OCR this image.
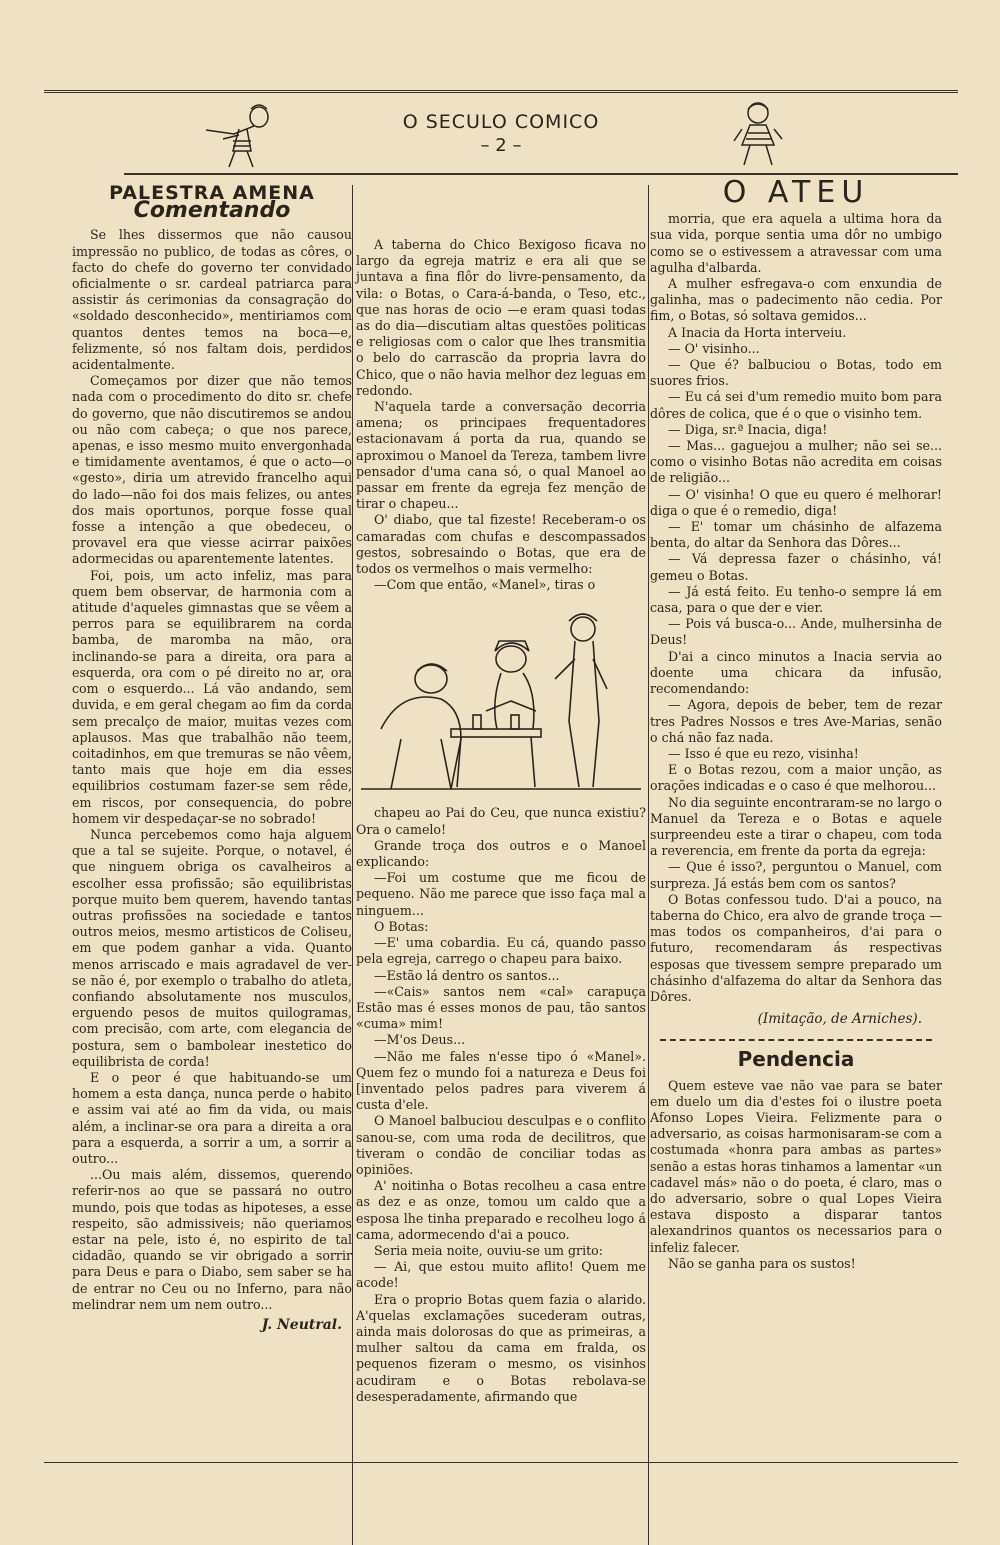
O SECULO COMICO
– 2 –
PALESTRA AMENA
Comentando

Se lhes dissermos que não causou impressão no publico, de todas as côres, o facto do chefe do governo ter convidado oficialmente o sr. cardeal patriarca para assistir ás cerimonias da consagração do «soldado desconhecido», mentiriamos com quantos dentes temos na boca—e, felizmente, só nos faltam dois, perdidos acidentalmente.

Começamos por dizer que não temos nada com o procedimento do dito sr. chefe do governo, que não discutiremos se andou ou não com cabeça; o que nos parece, apenas, e isso mesmo muito envergonhada e timidamente aventamos, é que o acto—o «gesto», diria um atrevido francelho aqui do lado—não foi dos mais felizes, ou antes dos mais oportunos, porque fosse qual fosse a intenção a que obedeceu, o provavel era que viesse acirrar paixões adormecidas ou aparentemente latentes.

Foi, pois, um acto infeliz, mas para quem bem observar, de harmonia com a atitude d'aqueles gimnastas que se vêem a perros para se equilibrarem na corda bamba, de maromba na mão, ora inclinando-se para a direita, ora para a esquerda, ora com o pé direito no ar, ora com o esquerdo... Lá vão andando, sem duvida, e em geral chegam ao fim da corda sem precalço de maior, muitas vezes com aplausos. Mas que trabalhão não teem, coitadinhos, em que tremuras se não vêem, tanto mais que hoje em dia esses equilibrios costumam fazer-se sem rêde, em riscos, por consequencia, do pobre homem vir despedaçar-se no sobrado!

Nunca percebemos como haja alguem que a tal se sujeite. Porque, o notavel, é que ninguem obriga os cavalheiros a escolher essa profissão; são equilibristas porque muito bem querem, havendo tantas outras profissões na sociedade e tantos outros meios, mesmo artisticos de Coliseu, em que podem ganhar a vida. Quanto menos arriscado e mais agradavel de ver-se não é, por exemplo o trabalho do atleta, confiando absolutamente nos musculos, erguendo pesos de muitos quilogramas, com precisão, com arte, com elegancia de postura, sem o bambolear inestetico do equilibrista de corda!

E o peor é que habituando-se um homem a esta dança, nunca perde o habito e assim vai até ao fim da vida, ou mais além, a inclinar-se ora para a direita a ora para a esquerda, a sorrir a um, a sorrir a outro...

...Ou mais além, dissemos, querendo referir-nos ao que se passará no outro mundo, pois que todas as hipoteses, a esse respeito, são admissiveis; não queriamos estar na pele, isto é, no espirito de tal cidadão, quando se vir obrigado a sorrir para Deus e para o Diabo, sem saber se ha de entrar no Ceu ou no Inferno, para não melindrar nem um nem outro...

J. Neutral.

A taberna do Chico Bexigoso ficava no largo da egreja matriz e era ali que se juntava a fina flôr do livre-pensamento, da vila: o Botas, o Cara-á-banda, o Teso, etc., que nas horas de ocio —e eram quasi todas as do dia—discutiam altas questões politicas e religiosas com o calor que lhes transmitia o belo do carrascão da propria lavra do Chico, que o não havia melhor dez leguas em redondo.

N'aquela tarde a conversação decorria amena; os principaes frequentadores estacionavam á porta da rua, quando se aproximou o Manoel da Tereza, tambem livre pensador d'uma cana só, o qual Manoel ao passar em frente da egreja fez menção de tirar o chapeu...

O' diabo, que tal fizeste! Receberam-o os camaradas com chufas e descompassados gestos, sobresaindo o Botas, que era de todos os vermelhos o mais vermelho:

—Com que então, «Manel», tiras o

chapeu ao Pai do Ceu, que nunca existiu? Ora o camelo!

Grande troça dos outros e o Manoel explicando:

—Foi um costume que me ficou de pequeno. Não me parece que isso faça mal a ninguem...

O Botas:

—E' uma cobardia. Eu cá, quando passo pela egreja, carrego o chapeu para baixo.

—Estão lá dentro os santos...

—«Cais» santos nem «cal» carapuça Estão mas é esses monos de pau, tão santos «cuma» mim!

—M'os Deus...

—Não me fales n'esse tipo ó «Manel». Quem fez o mundo foi a natureza e Deus foi [inventado pelos padres para viverem á custa d'ele.

O Manoel balbuciou desculpas e o conflito sanou-se, com uma roda de decilitros, que tiveram o condão de conciliar todas as opiniões.

A' noitinha o Botas recolheu a casa entre as dez e as onze, tomou um caldo que a esposa lhe tinha preparado e recolheu logo á cama, adormecendo d'ai a pouco.

Seria meia noite, ouviu-se um grito:

— Ai, que estou muito aflito! Quem me acode!

Era o proprio Botas quem fazia o alarido. A'quelas exclamações sucederam outras, ainda mais dolorosas do que as primeiras, a mulher saltou da cama em fralda, os pequenos fizeram o mesmo, os visinhos acudiram e o Botas rebolava-se desesperadamente, afirmando que

O ATEU

morria, que era aquela a ultima hora da sua vida, porque sentia uma dôr no umbigo como se o estivessem a atravessar com uma agulha d'albarda.

A mulher esfregava-o com enxundia de galinha, mas o padecimento não cedia. Por fim, o Botas, só soltava gemidos...

A Inacia da Horta interveiu.

— O' visinho...

— Que é? balbuciou o Botas, todo em suores frios.

— Eu cá sei d'um remedio muito bom para dôres de colica, que é o que o visinho tem.

— Diga, sr.ª Inacia, diga!

— Mas... gaguejou a mulher; não sei se... como o visinho Botas não acredita em coisas de religião...

— O' visinha! O que eu quero é melhorar! diga o que é o remedio, diga!

— E' tomar um chásinho de alfazema benta, do altar da Senhora das Dôres...

— Vá depressa fazer o chásinho, vá! gemeu o Botas.

— Já está feito. Eu tenho-o sempre lá em casa, para o que der e vier.

— Pois vá busca-o... Ande, mulhersinha de Deus!

D'ai a cinco minutos a Inacia servia ao doente uma chicara da infusão, recomendando:

— Agora, depois de beber, tem de rezar tres Padres Nossos e tres Ave-Marias, senão o chá não faz nada.

— Isso é que eu rezo, visinha!

E o Botas rezou, com a maior unção, as orações indicadas e o caso é que melhorou...

No dia seguinte encontraram-se no largo o Manuel da Tereza e o Botas e aquele surpreendeu este a tirar o chapeu, com toda a reverencia, em frente da porta da egreja:

— Que é isso?, perguntou o Manuel, com surpreza. Já estás bem com os santos?

O Botas confessou tudo. D'ai a pouco, na taberna do Chico, era alvo de grande troça — mas todos os companheiros, d'ai para o futuro, recomendaram ás respectivas esposas que tivessem sempre preparado um chásinho d'alfazema do altar da Senhora das Dôres.

(Imitação, de Arniches).
Pendencia

Quem esteve vae não vae para se bater em duelo um dia d'estes foi o ilustre poeta Afonso Lopes Vieira. Felizmente para o adversario, as coisas harmonisaram-se com a costumada «honra para ambas as partes» senão a estas horas tinhamos a lamentar «un cadavel más» não o do poeta, é claro, mas o do adversario, sobre o qual Lopes Vieira estava disposto a disparar tantos alexandrinos quantos os necessarios para o infeliz falecer.

Não se ganha para os sustos!
